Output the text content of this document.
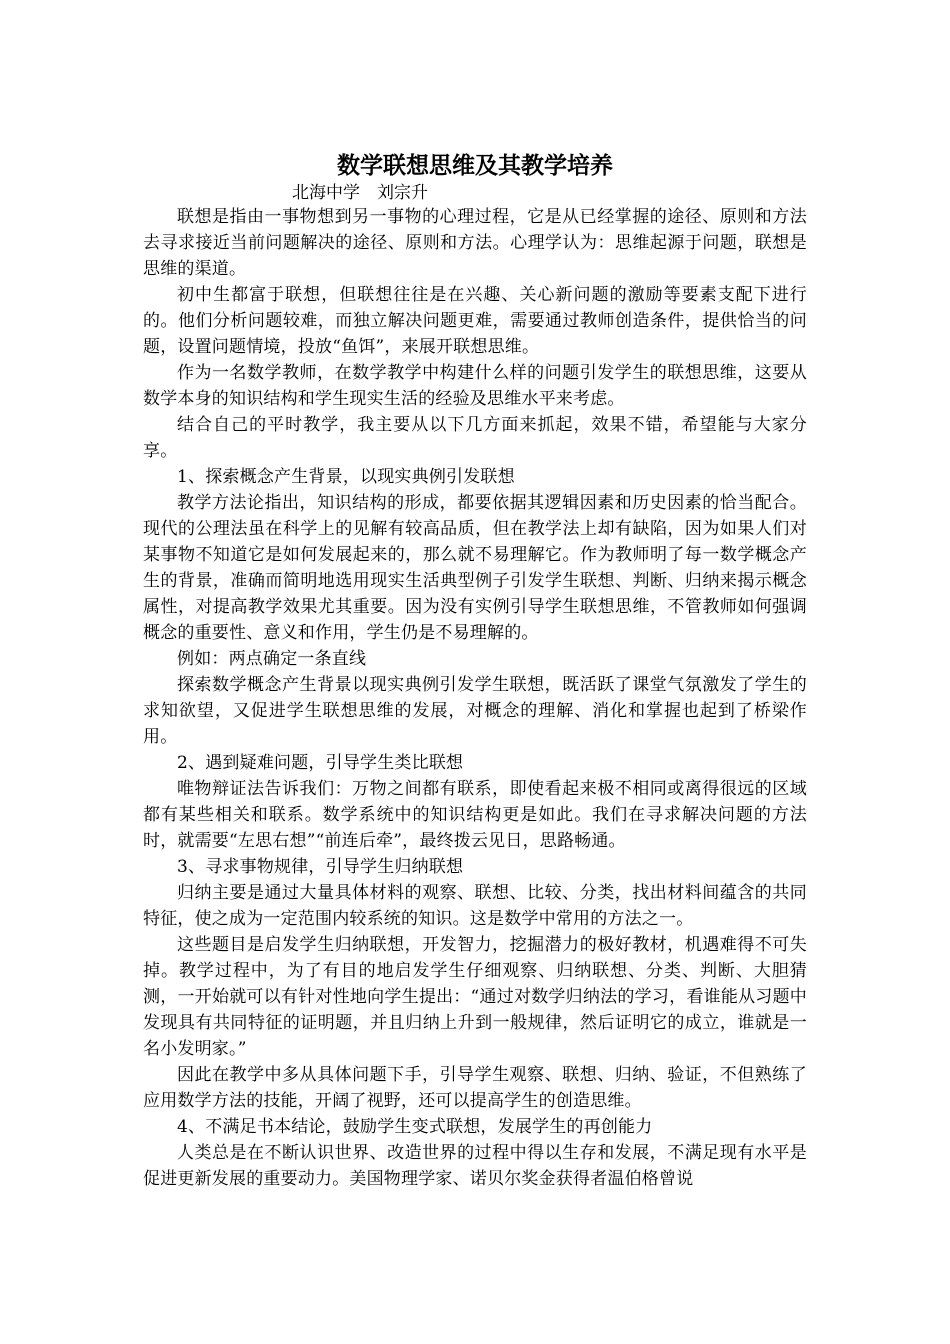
数学联想思维及其教学培养
北海中学　刘宗升

联想是指由一事物想到另一事物的心理过程，它是从已经掌握的途径、原则和方法去寻求接近当前问题解决的途径、原则和方法。心理学认为：思维起源于问题，联想是思维的渠道。

初中生都富于联想，但联想往往是在兴趣、关心新问题的激励等要素支配下进行的。他们分析问题较难，而独立解决问题更难，需要通过教师创造条件，提供恰当的问题，设置问题情境，投放“鱼饵”，来展开联想思维。

作为一名数学教师，在数学教学中构建什么样的问题引发学生的联想思维，这要从数学本身的知识结构和学生现实生活的经验及思维水平来考虑。

结合自己的平时教学，我主要从以下几方面来抓起，效果不错，希望能与大家分享。

1、探索概念产生背景，以现实典例引发联想

教学方法论指出，知识结构的形成，都要依据其逻辑因素和历史因素的恰当配合。现代的公理法虽在科学上的见解有较高品质，但在教学法上却有缺陷，因为如果人们对某事物不知道它是如何发展起来的，那么就不易理解它。作为教师明了每一数学概念产生的背景，准确而简明地选用现实生活典型例子引发学生联想、判断、归纳来揭示概念属性，对提高教学效果尤其重要。因为没有实例引导学生联想思维，不管教师如何强调概念的重要性、意义和作用，学生仍是不易理解的。

例如：两点确定一条直线

探索数学概念产生背景以现实典例引发学生联想，既活跃了课堂气氛激发了学生的求知欲望，又促进学生联想思维的发展，对概念的理解、消化和掌握也起到了桥梁作用。

2、遇到疑难问题，引导学生类比联想

唯物辩证法告诉我们：万物之间都有联系，即使看起来极不相同或离得很远的区域都有某些相关和联系。数学系统中的知识结构更是如此。我们在寻求解决问题的方法时，就需要“左思右想”“前连后牵”，最终拨云见日，思路畅通。

3、寻求事物规律，引导学生归纳联想

归纳主要是通过大量具体材料的观察、联想、比较、分类，找出材料间蕴含的共同特征，使之成为一定范围内较系统的知识。这是数学中常用的方法之一。

这些题目是启发学生归纳联想，开发智力，挖掘潜力的极好教材，机遇难得不可失掉。教学过程中，为了有目的地启发学生仔细观察、归纳联想、分类、判断、大胆猜测，一开始就可以有针对性地向学生提出：“通过对数学归纳法的学习，看谁能从习题中发现具有共同特征的证明题，并且归纳上升到一般规律，然后证明它的成立，谁就是一名小发明家。”

因此在教学中多从具体问题下手，引导学生观察、联想、归纳、验证，不但熟练了应用数学方法的技能，开阔了视野，还可以提高学生的创造思维。

4、不满足书本结论，鼓励学生变式联想，发展学生的再创能力

人类总是在不断认识世界、改造世界的过程中得以生存和发展，不满足现有水平是促进更新发展的重要动力。美国物理学家、诺贝尔奖金获得者温伯格曾说
